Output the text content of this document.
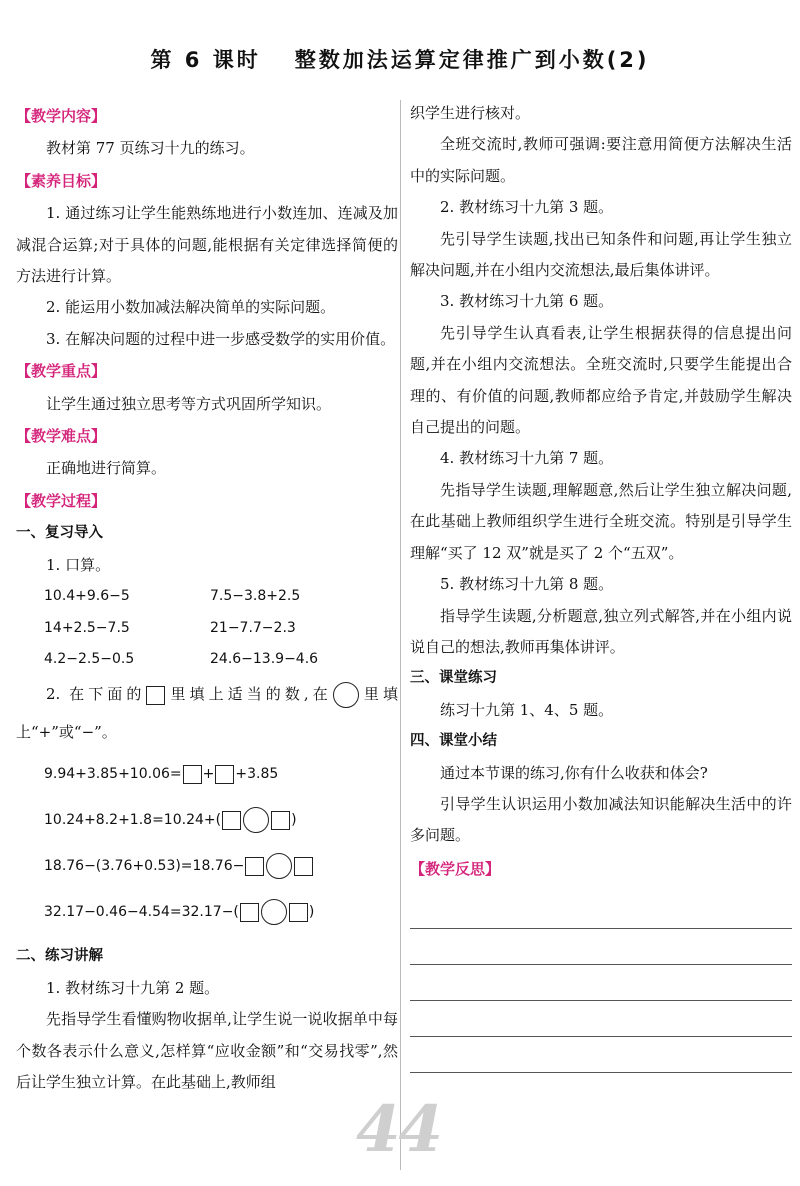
第 6 课时 整数加法运算定律推广到小数(2)
【教学内容】

教材第 77 页练习十九的练习。

【素养目标】

1. 通过练习让学生能熟练地进行小数连加、连减及加减混合运算;对于具体的问题,能根据有关定律选择简便的方法进行计算。

2. 能运用小数加减法解决简单的实际问题。

3. 在解决问题的过程中进一步感受数学的实用价值。

【教学重点】

让学生通过独立思考等方式巩固所学知识。

【教学难点】

正确地进行简算。

【教学过程】
一、复习导入

1. 口算。

10.4+9.6−5	7.5−3.8+2.5
14+2.5−7.5	21−7.7−2.3
4.2−2.5−0.5	24.6−13.9−4.6

2. 在下面的 里填上适当的数,在 里填上“+”或“−”。

9.94+3.85+10.06= + +3.85
10.24+8.2+1.8=10.24+(	)
18.76−(3.76+0.53)=18.76−
32.17−0.46−4.54=32.17−(	)
二、练习讲解

1. 教材练习十九第 2 题。

先指导学生看懂购物收据单,让学生说一说收据单中每个数各表示什么意义,怎样算“应收金额”和“交易找零”,然后让学生独立计算。在此基础上,教师组

织学生进行核对。

全班交流时,教师可强调:要注意用简便方法解决生活中的实际问题。

2. 教材练习十九第 3 题。

先引导学生读题,找出已知条件和问题,再让学生独立解决问题,并在小组内交流想法,最后集体讲评。

3. 教材练习十九第 6 题。

先引导学生认真看表,让学生根据获得的信息提出问题,并在小组内交流想法。全班交流时,只要学生能提出合理的、有价值的问题,教师都应给予肯定,并鼓励学生解决自己提出的问题。

4. 教材练习十九第 7 题。

先指导学生读题,理解题意,然后让学生独立解决问题,在此基础上教师组织学生进行全班交流。特别是引导学生理解“买了 12 双”就是买了 2 个“五双”。

5. 教材练习十九第 8 题。

指导学生读题,分析题意,独立列式解答,并在小组内说说自己的想法,教师再集体讲评。

三、课堂练习

练习十九第 1、4、5 题。

四、课堂小结

通过本节课的练习,你有什么收获和体会?

引导学生认识运用小数加减法知识能解决生活中的许多问题。

【教学反思】
44
